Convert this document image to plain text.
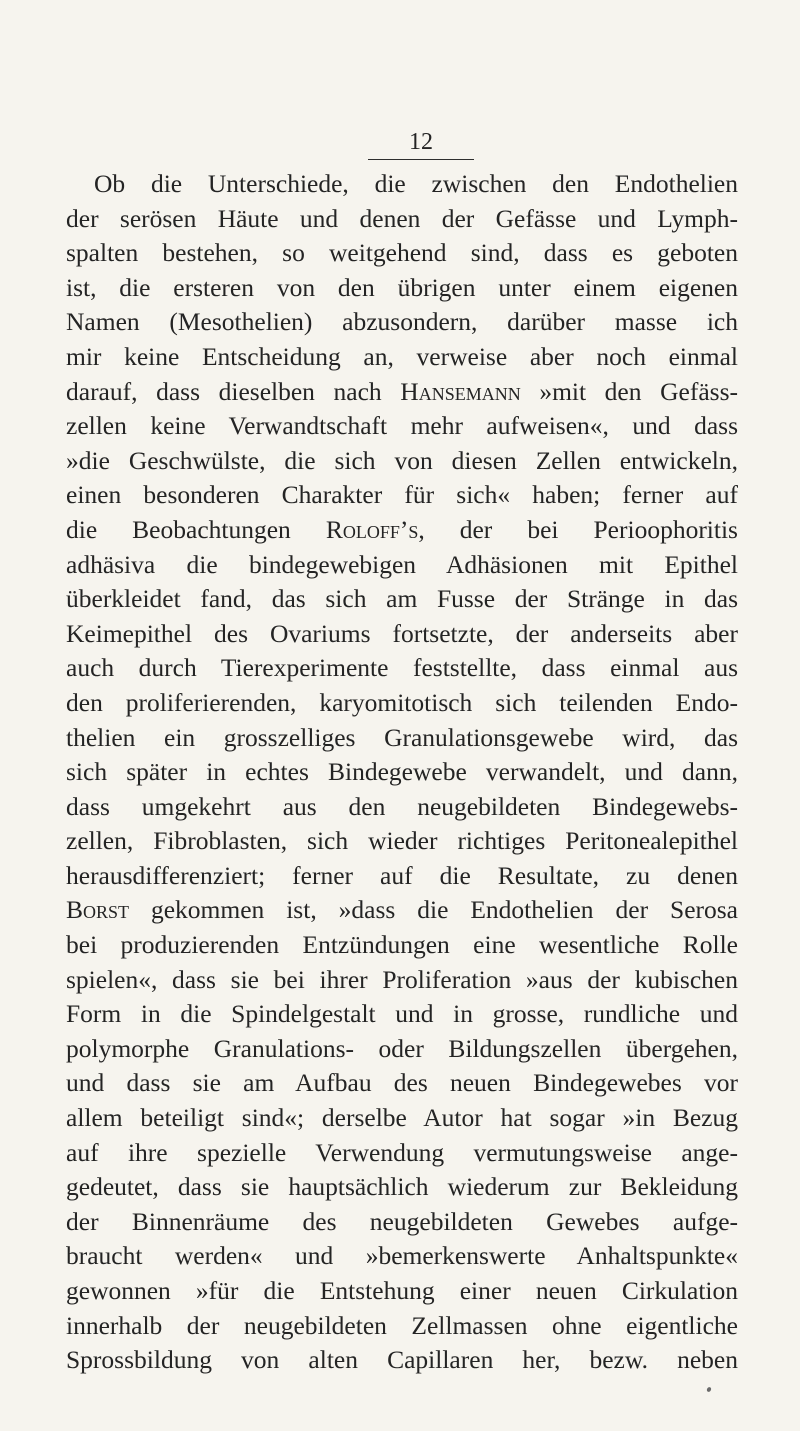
12
Ob die Unterschiede, die zwischen den Endothelien
der serösen Häute und denen der Gefässe und Lymph-
spalten bestehen, so weitgehend sind, dass es geboten
ist, die ersteren von den übrigen unter einem eigenen
Namen (Mesothelien) abzusondern, darüber masse ich
mir keine Entscheidung an, verweise aber noch einmal
darauf, dass dieselben nach Hansemann »mit den Gefäss-
zellen keine Verwandtschaft mehr aufweisen«, und dass
»die Geschwülste, die sich von diesen Zellen entwickeln,
einen besonderen Charakter für sich« haben; ferner auf
die Beobachtungen Roloff’s, der bei Perioophoritis
adhäsiva die bindegewebigen Adhäsionen mit Epithel
überkleidet fand, das sich am Fusse der Stränge in das
Keimepithel des Ovariums fortsetzte, der anderseits aber
auch durch Tierexperimente feststellte, dass einmal aus
den proliferierenden, karyomitotisch sich teilenden Endo-
thelien ein grosszelliges Granulationsgewebe wird, das
sich später in echtes Bindegewebe verwandelt, und dann,
dass umgekehrt aus den neugebildeten Bindegewebs-
zellen, Fibroblasten, sich wieder richtiges Peritonealepithel
herausdifferenziert; ferner auf die Resultate, zu denen
Borst gekommen ist, »dass die Endothelien der Serosa
bei produzierenden Entzündungen eine wesentliche Rolle
spielen«, dass sie bei ihrer Proliferation »aus der kubischen
Form in die Spindelgestalt und in grosse, rundliche und
polymorphe Granulations- oder Bildungszellen übergehen,
und dass sie am Aufbau des neuen Bindegewebes vor
allem beteiligt sind«; derselbe Autor hat sogar »in Bezug
auf ihre spezielle Verwendung vermutungsweise ange-
gedeutet, dass sie hauptsächlich wiederum zur Bekleidung
der Binnenräume des neugebildeten Gewebes aufge-
braucht werden« und »bemerkenswerte Anhaltspunkte«
gewonnen »für die Entstehung einer neuen Cirkulation
innerhalb der neugebildeten Zellmassen ohne eigentliche
Sprossbildung von alten Capillaren her, bezw. neben
